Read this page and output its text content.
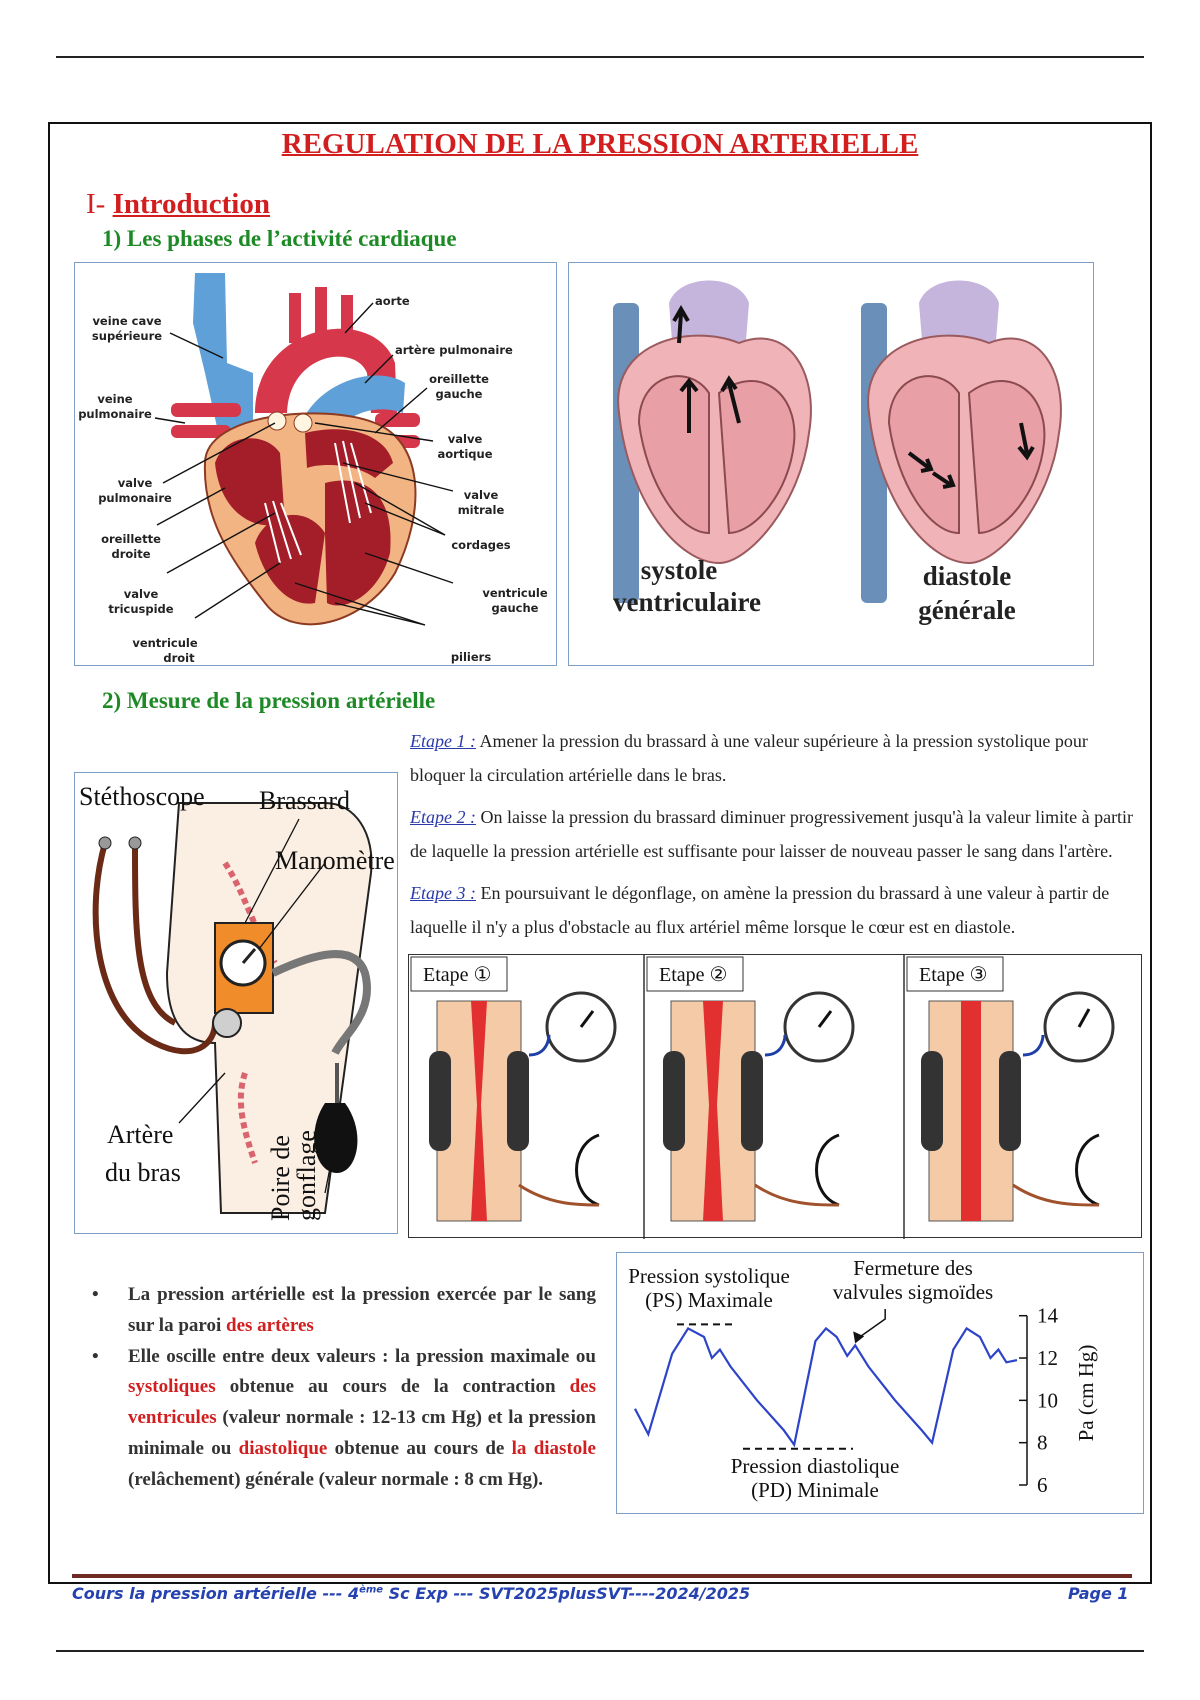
REGULATION DE LA PRESSION ARTERIELLE
I- Introduction
1) Les phases de l’activité cardiaque
veine cave
supérieure
aorte
artère pulmonaire
oreillette
gauche
veine
pulmonaire
valve
aortique
valve
pulmonaire	valve
mitrale
oreillette
droite
cordages
valve
tricuspide
ventricule
gauche
ventricule
droit	piliers
systole
ventriculaire
diastole
générale
2) Mesure de la pression artérielle
Stéthoscope Brassard
Manomètre
Artère
du bras	Poire de
gonflage

Etape 1 : Amener la pression du brassard à une valeur supérieure à la pression systolique pour bloquer la circulation artérielle dans le bras.

Etape 2 : On laisse la pression du brassard diminuer progressivement jusqu'à la valeur limite à partir de laquelle la pression artérielle est suffisante pour laisser de nouveau passer le sang dans l'artère.

Etape 3 : En poursuivant le dégonflage, on amène la pression du brassard à une valeur à partir de laquelle il n'y a plus d'obstacle au flux artériel même lorsque le cœur est en diastole.

Etape ①	Etape ②	Etape ③
• La pression artérielle est la pression exercée par le sang sur la paroi des artères
• Elle oscille entre deux valeurs : la pression maximale ou systoliques obtenue au cours de la contraction des ventricules (valeur normale : 12-13 cm Hg) et la pression minimale ou diastolique obtenue au cours de la diastole (relâchement) générale (valeur normale : 8 cm Hg).
Pression systolique
(PS) Maximale
Fermeture des
valvules sigmoïdes
Pression diastolique
(PD) Minimale
Pa (cm Hg)
6
8
10
12
14
Cours la pression artérielle --- 4ème Sc Exp --- SVT2025plusSVT----2024/2025	Page 1
